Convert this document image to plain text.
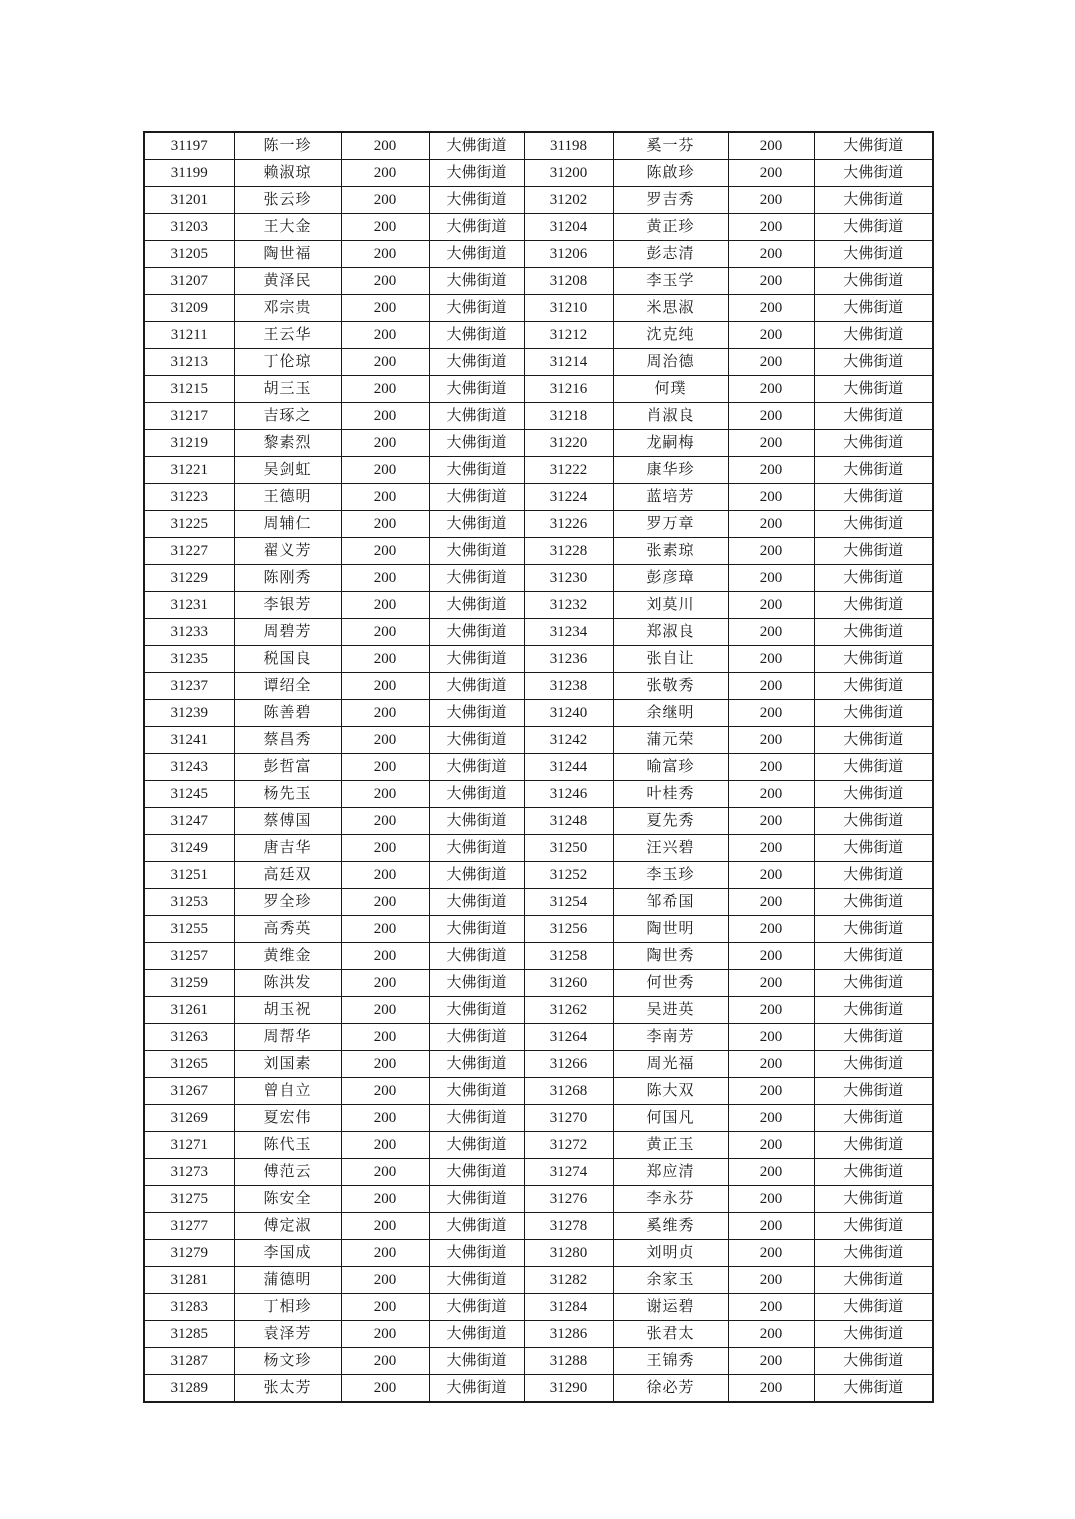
31197	陈一珍	200	大佛街道	31198	奚一芬	200	大佛街道
31199	赖淑琼	200	大佛街道	31200	陈啟珍	200	大佛街道
31201	张云珍	200	大佛街道	31202	罗吉秀	200	大佛街道
31203	王大金	200	大佛街道	31204	黄正珍	200	大佛街道
31205	陶世福	200	大佛街道	31206	彭志清	200	大佛街道
31207	黄泽民	200	大佛街道	31208	李玉学	200	大佛街道
31209	邓宗贵	200	大佛街道	31210	米思淑	200	大佛街道
31211	王云华	200	大佛街道	31212	沈克纯	200	大佛街道
31213	丁伦琼	200	大佛街道	31214	周治德	200	大佛街道
31215	胡三玉	200	大佛街道	31216	何璞	200	大佛街道
31217	吉琢之	200	大佛街道	31218	肖淑良	200	大佛街道
31219	黎素烈	200	大佛街道	31220	龙嗣梅	200	大佛街道
31221	吴剑虹	200	大佛街道	31222	康华珍	200	大佛街道
31223	王德明	200	大佛街道	31224	蓝培芳	200	大佛街道
31225	周辅仁	200	大佛街道	31226	罗万章	200	大佛街道
31227	翟义芳	200	大佛街道	31228	张素琼	200	大佛街道
31229	陈刚秀	200	大佛街道	31230	彭彦璋	200	大佛街道
31231	李银芳	200	大佛街道	31232	刘莫川	200	大佛街道
31233	周碧芳	200	大佛街道	31234	郑淑良	200	大佛街道
31235	税国良	200	大佛街道	31236	张自让	200	大佛街道
31237	谭绍全	200	大佛街道	31238	张敬秀	200	大佛街道
31239	陈善碧	200	大佛街道	31240	余继明	200	大佛街道
31241	蔡昌秀	200	大佛街道	31242	蒲元荣	200	大佛街道
31243	彭哲富	200	大佛街道	31244	喻富珍	200	大佛街道
31245	杨先玉	200	大佛街道	31246	叶桂秀	200	大佛街道
31247	蔡傅国	200	大佛街道	31248	夏先秀	200	大佛街道
31249	唐吉华	200	大佛街道	31250	汪兴碧	200	大佛街道
31251	高廷双	200	大佛街道	31252	李玉珍	200	大佛街道
31253	罗全珍	200	大佛街道	31254	邹希国	200	大佛街道
31255	高秀英	200	大佛街道	31256	陶世明	200	大佛街道
31257	黄维金	200	大佛街道	31258	陶世秀	200	大佛街道
31259	陈洪发	200	大佛街道	31260	何世秀	200	大佛街道
31261	胡玉祝	200	大佛街道	31262	吴进英	200	大佛街道
31263	周帮华	200	大佛街道	31264	李南芳	200	大佛街道
31265	刘国素	200	大佛街道	31266	周光福	200	大佛街道
31267	曾自立	200	大佛街道	31268	陈大双	200	大佛街道
31269	夏宏伟	200	大佛街道	31270	何国凡	200	大佛街道
31271	陈代玉	200	大佛街道	31272	黄正玉	200	大佛街道
31273	傅范云	200	大佛街道	31274	郑应清	200	大佛街道
31275	陈安全	200	大佛街道	31276	李永芬	200	大佛街道
31277	傅定淑	200	大佛街道	31278	奚维秀	200	大佛街道
31279	李国成	200	大佛街道	31280	刘明贞	200	大佛街道
31281	蒲德明	200	大佛街道	31282	余家玉	200	大佛街道
31283	丁相珍	200	大佛街道	31284	谢运碧	200	大佛街道
31285	袁泽芳	200	大佛街道	31286	张君太	200	大佛街道
31287	杨文珍	200	大佛街道	31288	王锦秀	200	大佛街道
31289	张太芳	200	大佛街道	31290	徐必芳	200	大佛街道
